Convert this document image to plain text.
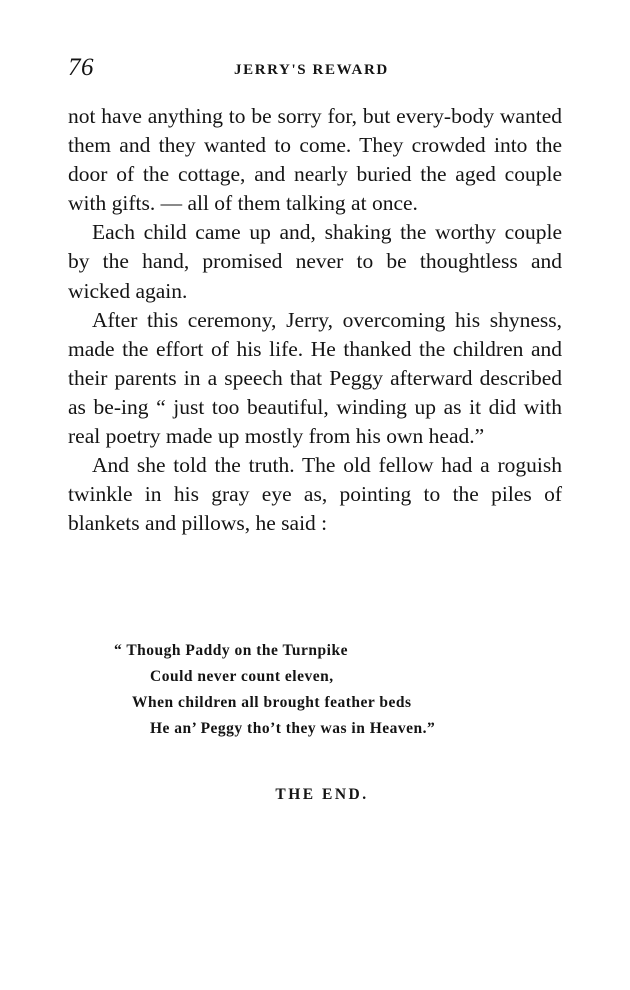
76	JERRY'S REWARD

not have anything to be sorry for, but every-body wanted them and they wanted to come. They crowded into the door of the cottage, and nearly buried the aged couple with gifts. — all of them talking at once.

Each child came up and, shaking the worthy couple by the hand, promised never to be thoughtless and wicked again.

After this ceremony, Jerry, overcoming his shyness, made the effort of his life. He thanked the children and their parents in a speech that Peggy afterward described as be-ing “ just too beautiful, winding up as it did with real poetry made up mostly from his own head.”

And she told the truth. The old fellow had a roguish twinkle in his gray eye as, pointing to the piles of blankets and pillows, he said :

“ Though Paddy on the Turnpike
Could never count eleven,
When children all brought feather beds
He an’ Peggy tho’t they was in Heaven.”
THE END.
